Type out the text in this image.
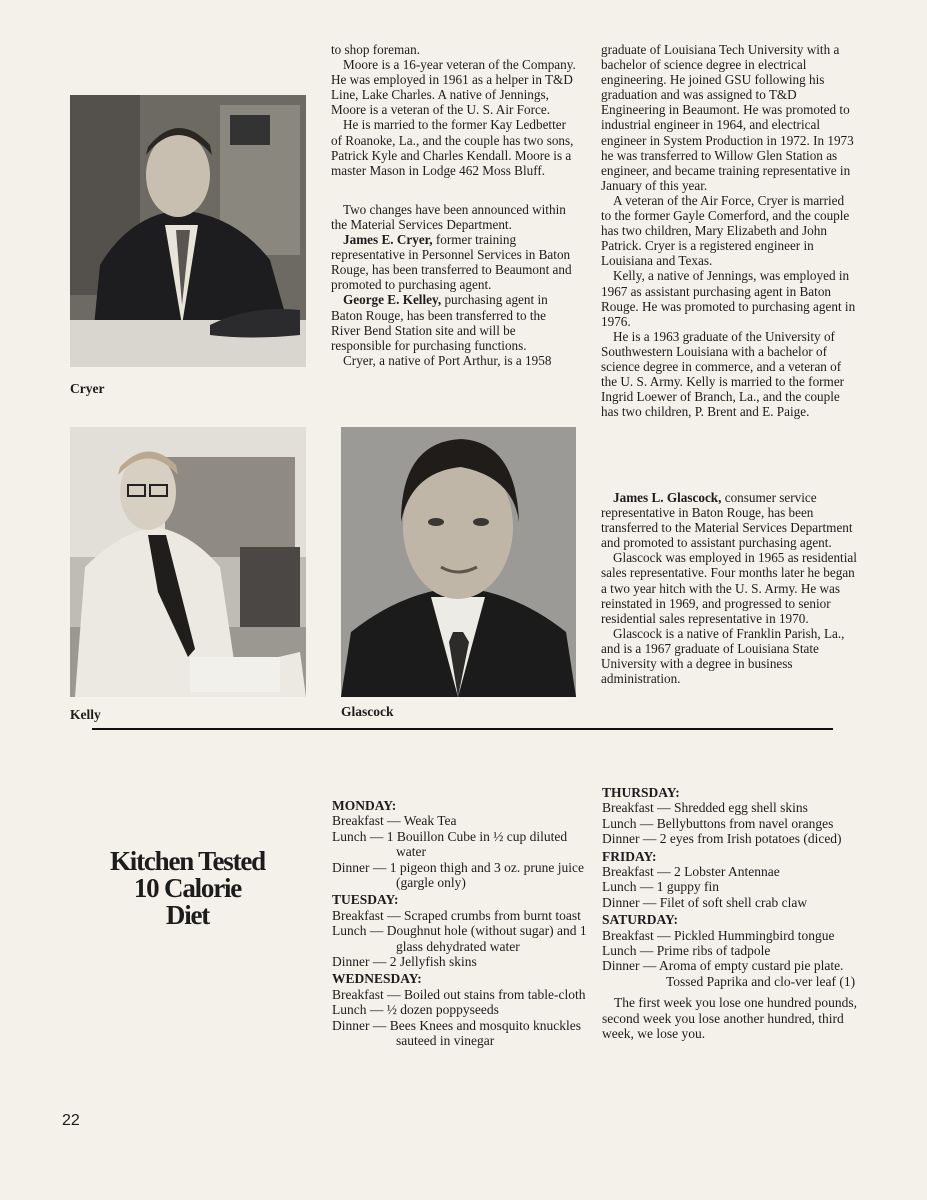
Cryer
Kelly	Glascock

to shop foreman.

Moore is a 16-year veteran of the Company. He was employed in 1961 as a helper in T&D Line, Lake Charles. A native of Jennings, Moore is a veteran of the U. S. Air Force.

He is married to the former Kay Ledbetter of Roanoke, La., and the couple has two sons, Patrick Kyle and Charles Kendall. Moore is a master Mason in Lodge 462 Moss Bluff.

Two changes have been announced within the Material Services Department.

James E. Cryer, former training representative in Personnel Services in Baton Rouge, has been transferred to Beaumont and promoted to purchasing agent.

George E. Kelley, purchasing agent in Baton Rouge, has been transferred to the River Bend Station site and will be responsible for purchasing functions.

Cryer, a native of Port Arthur, is a 1958

graduate of Louisiana Tech University with a bachelor of science degree in electrical engineering. He joined GSU following his graduation and was assigned to T&D Engineering in Beaumont. He was promoted to industrial engineer in 1964, and electrical engineer in System Production in 1972. In 1973 he was transferred to Willow Glen Station as engineer, and became training representative in January of this year.

A veteran of the Air Force, Cryer is married to the former Gayle Comerford, and the couple has two children, Mary Elizabeth and John Patrick. Cryer is a registered engineer in Louisiana and Texas.

Kelly, a native of Jennings, was employed in 1967 as assistant purchasing agent in Baton Rouge. He was promoted to purchasing agent in 1976.

He is a 1963 graduate of the University of Southwestern Louisiana with a bachelor of science degree in commerce, and a veteran of the U. S. Army. Kelly is married to the former Ingrid Loewer of Branch, La., and the couple has two children, P. Brent and E. Paige.

James L. Glascock, consumer service representative in Baton Rouge, has been transferred to the Material Services Department and promoted to assistant purchasing agent.

Glascock was employed in 1965 as residential sales representative. Four months later he began a two year hitch with the U. S. Army. He was reinstated in 1969, and progressed to senior residential sales representative in 1970.

Glascock is a native of Franklin Parish, La., and is a 1967 graduate of Louisiana State University with a degree in business administration.

Kitchen Tested
10 Calorie
Diet
MONDAY:

Breakfast — Weak Tea

Lunch — 1 Bouillon Cube in ½ cup diluted water

Dinner — 1 pigeon thigh and 3 oz. prune juice (gargle only)

TUESDAY:

Breakfast — Scraped crumbs from burnt toast

Lunch — Doughnut hole (without sugar) and 1 glass dehydrated water

Dinner — 2 Jellyfish skins

WEDNESDAY:

Breakfast — Boiled out stains from table-cloth

Lunch — ½ dozen poppyseeds

Dinner — Bees Knees and mosquito knuckles sauteed in vinegar

THURSDAY:

Breakfast — Shredded egg shell skins

Lunch — Bellybuttons from navel oranges

Dinner — 2 eyes from Irish potatoes (diced)

FRIDAY:

Breakfast — 2 Lobster Antennae

Lunch — 1 guppy fin

Dinner — Filet of soft shell crab claw

SATURDAY:

Breakfast — Pickled Hummingbird tongue

Lunch — Prime ribs of tadpole

Dinner — Aroma of empty custard pie plate. Tossed Paprika and clo-ver leaf (1)

The first week you lose one hundred pounds, second week you lose another hundred, third week, we lose you.

22
